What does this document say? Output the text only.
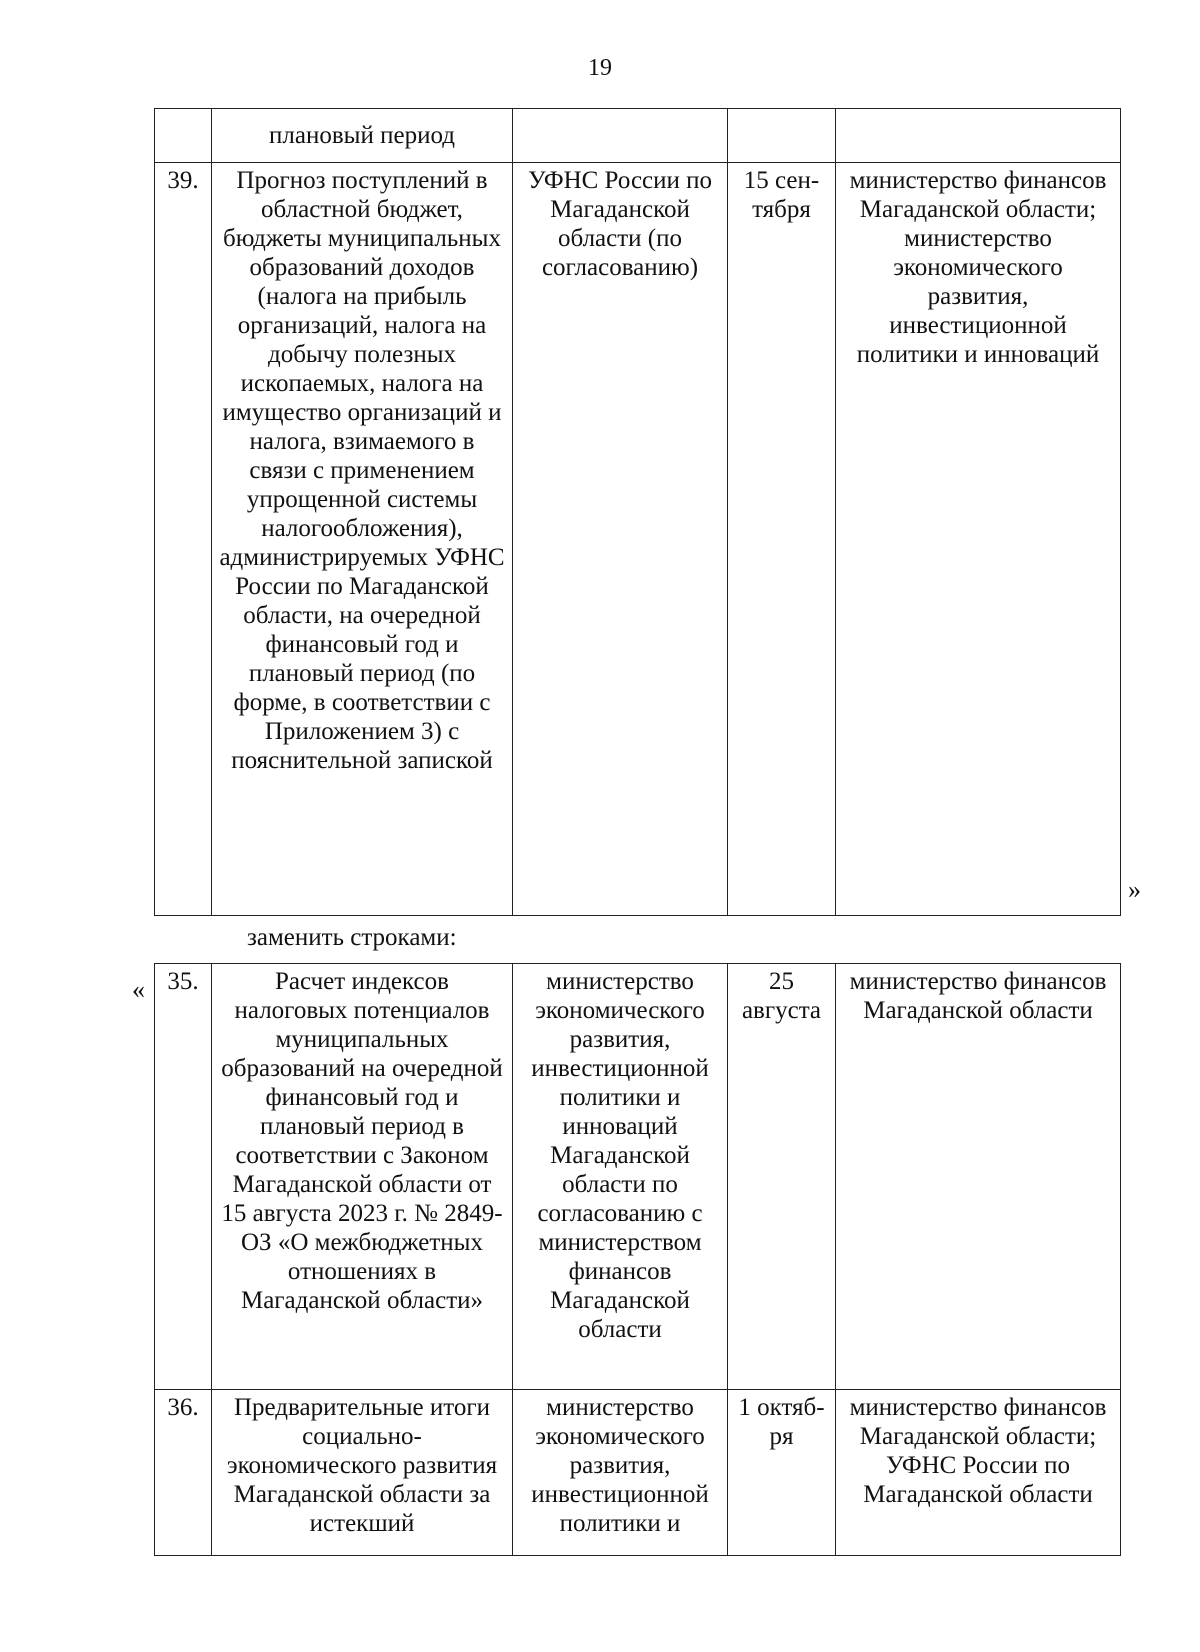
19
	плановый период			
39.	Прогноз поступлений в областной бюджет, бюджеты муниципальных образований доходов (налога на прибыль организаций, налога на добычу полезных ископаемых, налога на имущество организаций и налога, взимаемого в связи с применением упрощенной системы налогообложения), администрируемых УФНС России по Магаданской области, на очередной финансовый год и плановый период (по форме, в соответствии с Приложением 3) с пояснительной запиской	УФНС России по Магаданской области (по согласованию)	15 сен-тября	министерство финансов Магаданской области; министерство экономического развития, инвестиционной политики и инноваций
»
заменить строками:
« 35.	Расчет индексов налоговых потенциалов муниципальных образований на очередной финансовый год и плановый период в соответствии с Законом Магаданской области от 15 августа 2023 г. № 2849-ОЗ «О межбюджетных отношениях в Магаданской области»	министерство экономического развития, инвестиционной политики и инноваций Магаданской области по согласованию с министерством финансов Магаданской области	25 августа	министерство финансов Магаданской области
36.	Предварительные итоги социально-экономического развития Магаданской области за истекший	министерство экономического развития, инвестиционной политики и	1 октяб-ря	министерство финансов Магаданской области; УФНС России по Магаданской области
